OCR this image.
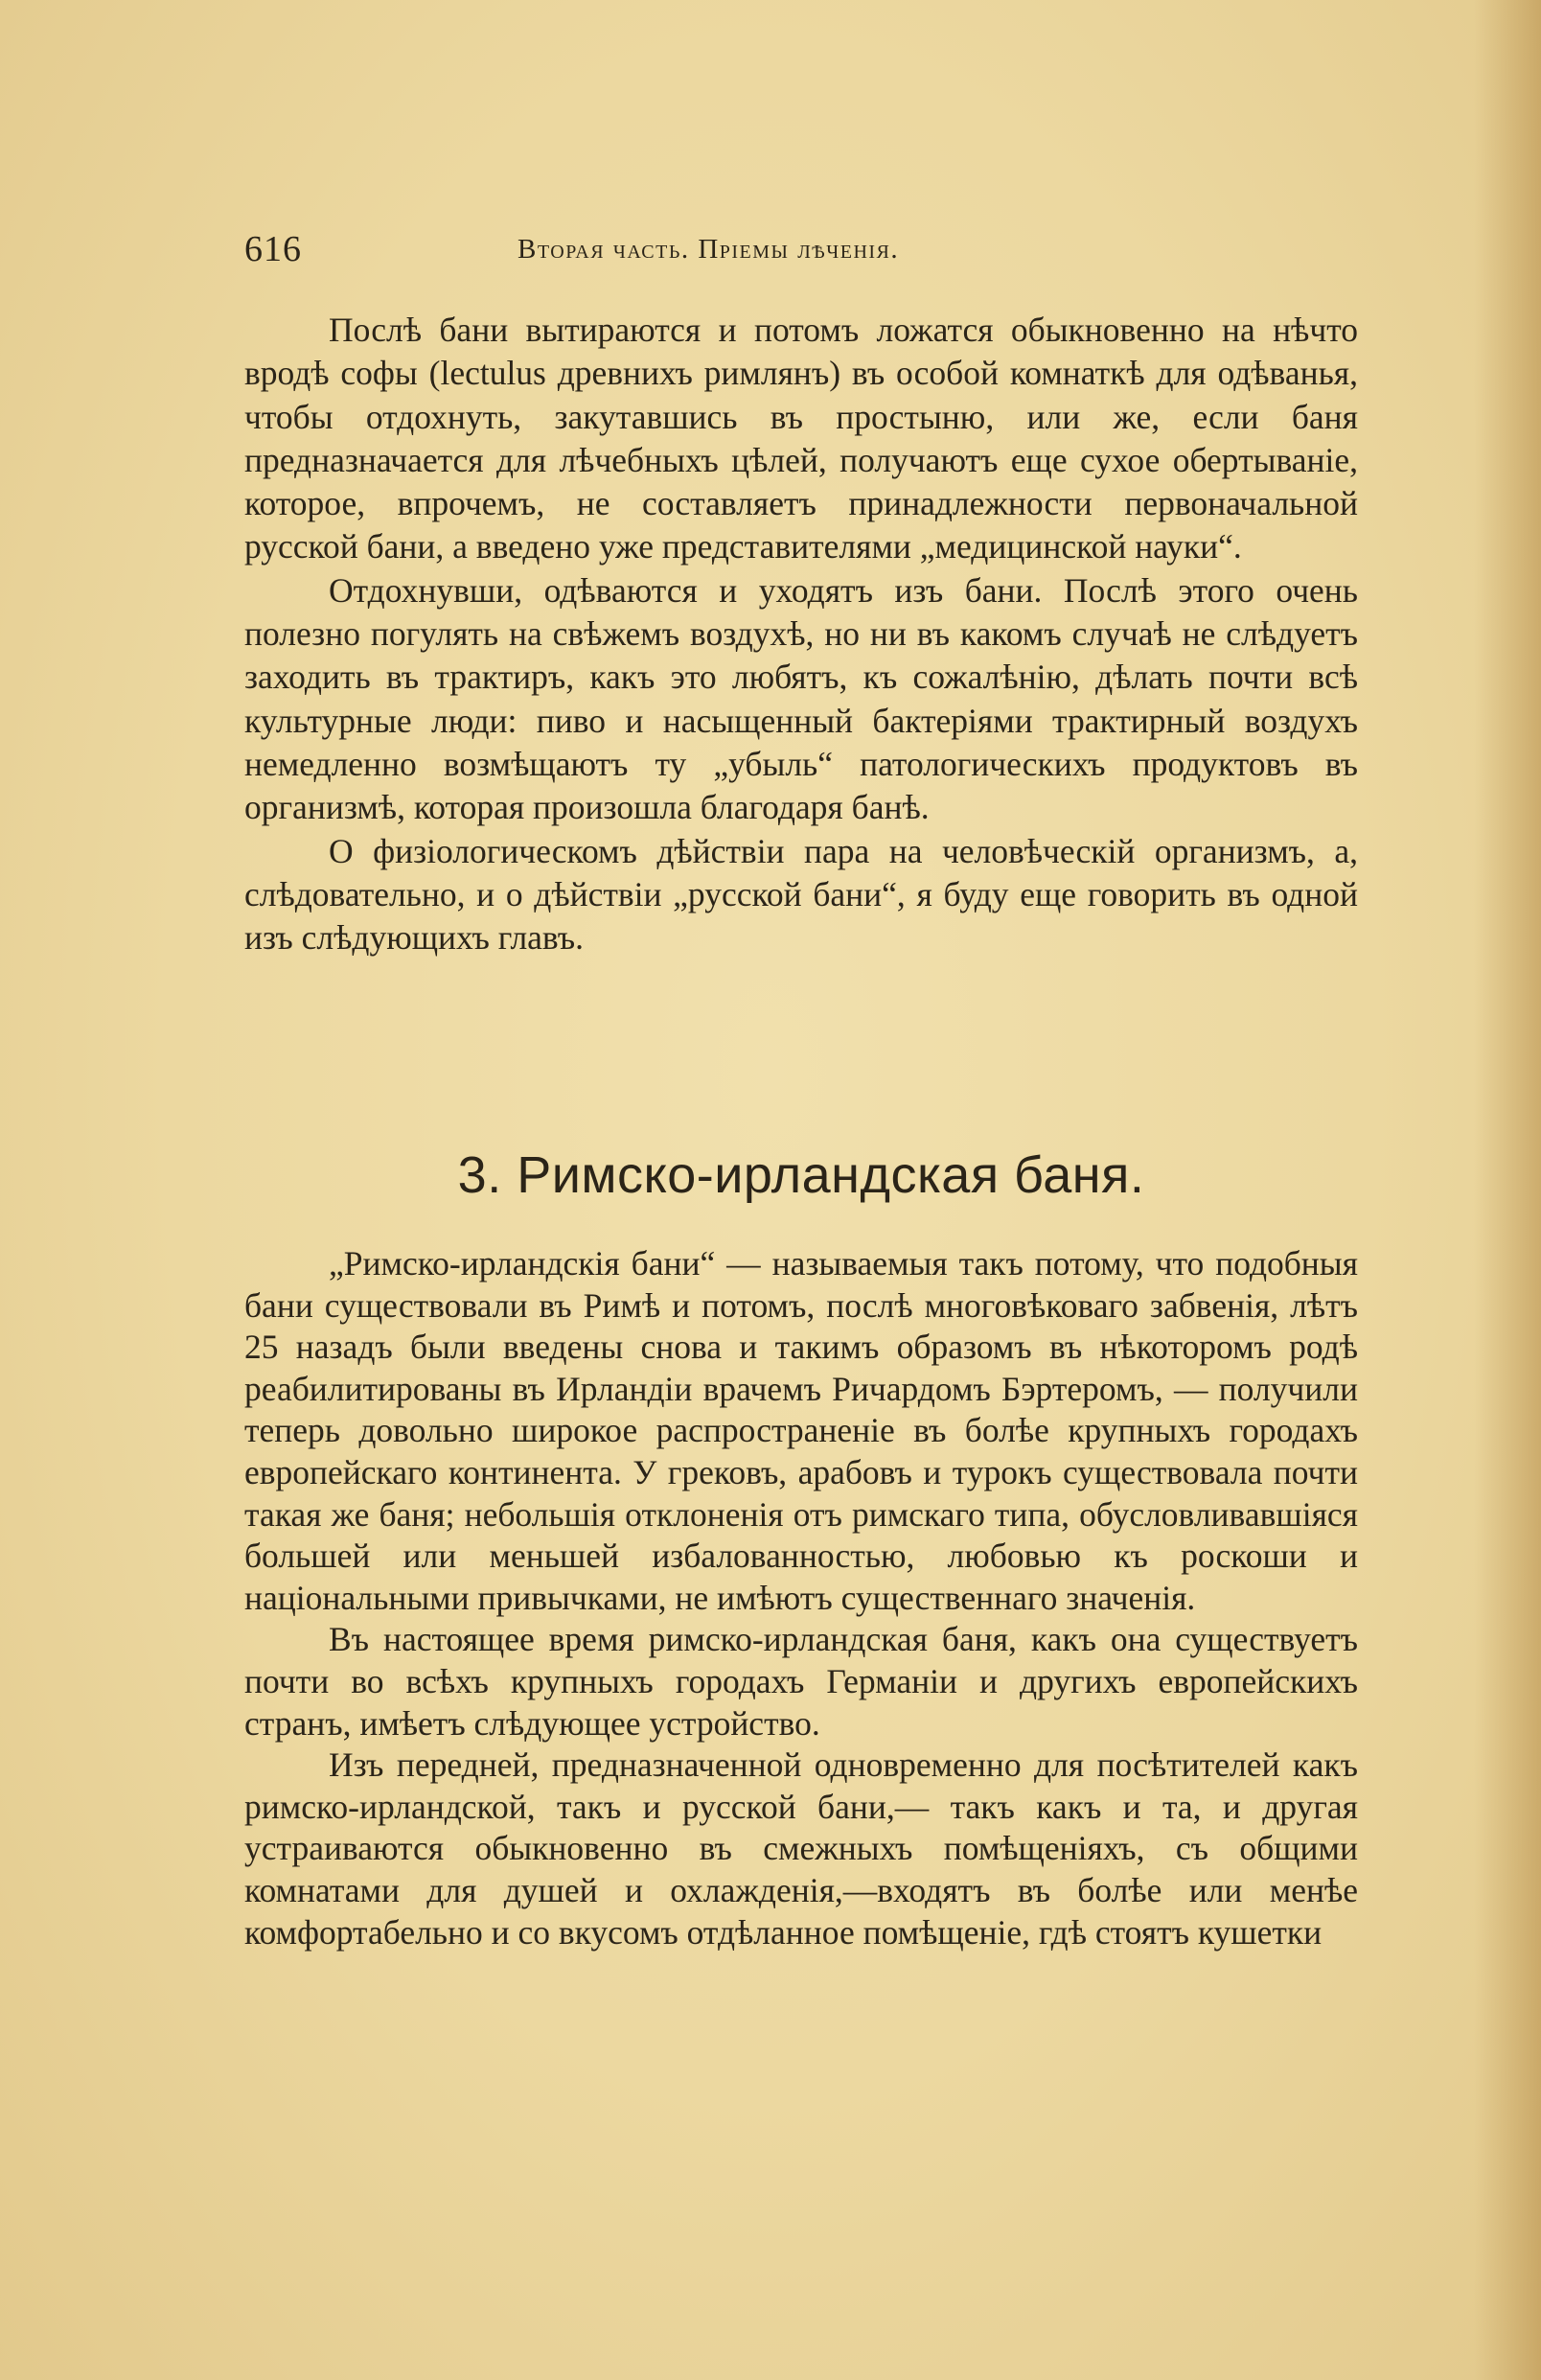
616	Вторая часть. Пріемы лѣченія.

Послѣ бани вытираются и потомъ ложатся обыкновенно на нѣчто вродѣ софы (lectulus древнихъ римлянъ) въ особой комнаткѣ для одѣванья, чтобы отдохнуть, закутавшись въ простыню, или же, если баня предназначается для лѣчебныхъ цѣлей, получаютъ еще сухое обертываніе, которое, впрочемъ, не составляетъ принадлежности первоначальной русской бани, а введено уже представителями „медицинской науки“.

Отдохнувши, одѣваются и уходятъ изъ бани. Послѣ этого очень полезно погулять на свѣжемъ воздухѣ, но ни въ какомъ случаѣ не слѣдуетъ заходить въ трактиръ, какъ это любятъ, къ сожалѣнію, дѣлать почти всѣ культурные люди: пиво и насыщенный бактеріями трактирный воздухъ немедленно возмѣщаютъ ту „убыль“ патологическихъ продуктовъ въ организмѣ, которая произошла благодаря банѣ.

О физіологическомъ дѣйствіи пара на человѣческій организмъ, а, слѣдовательно, и о дѣйствіи „русской бани“, я буду еще говорить въ одной изъ слѣдующихъ главъ.

3. Римско-ирландская баня.

„Римско-ирландскія бани“ — называемыя такъ потому, что подобныя бани существовали въ Римѣ и потомъ, послѣ многовѣковаго забвенія, лѣтъ 25 назадъ были введены снова и такимъ образомъ въ нѣкоторомъ родѣ реабилитированы въ Ирландіи врачемъ Ричардомъ Бэртеромъ, — получили теперь довольно широкое распространеніе въ болѣе крупныхъ городахъ европейскаго континента. У грековъ, арабовъ и турокъ существовала почти такая же баня; небольшія отклоненія отъ римскаго типа, обусловливавшіяся большей или меньшей избалованностью, любовью къ роскоши и національными привычками, не имѣютъ существеннаго значенія.

Въ настоящее время римско-ирландская баня, какъ она существуетъ почти во всѣхъ крупныхъ городахъ Германіи и другихъ европейскихъ странъ, имѣетъ слѣдующее устройство.

Изъ передней, предназначенной одновременно для посѣтителей какъ римско-ирландской, такъ и русской бани,— такъ какъ и та, и другая устраиваются обыкновенно въ смежныхъ помѣщеніяхъ, съ общими комнатами для душей и охлажденія,—входятъ въ болѣе или менѣе комфортабельно и со вкусомъ отдѣланное помѣщеніе, гдѣ стоятъ кушетки
